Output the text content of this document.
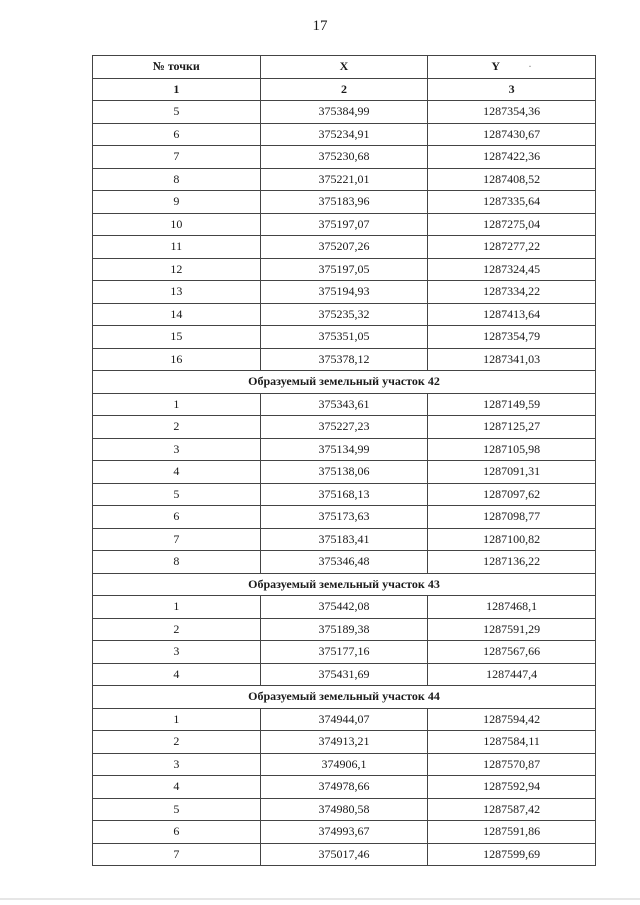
17
№ точки	X	Y ·
1	2	3
5	375384,99	1287354,36
6	375234,91	1287430,67
7	375230,68	1287422,36
8	375221,01	1287408,52
9	375183,96	1287335,64
10	375197,07	1287275,04
11	375207,26	1287277,22
12	375197,05	1287324,45
13	375194,93	1287334,22
14	375235,32	1287413,64
15	375351,05	1287354,79
16	375378,12	1287341,03
Образуемый земельный участок 42		
1	375343,61	1287149,59
2	375227,23	1287125,27
3	375134,99	1287105,98
4	375138,06	1287091,31
5	375168,13	1287097,62
6	375173,63	1287098,77
7	375183,41	1287100,82
8	375346,48	1287136,22
Образуемый земельный участок 43		
1	375442,08	1287468,1
2	375189,38	1287591,29
3	375177,16	1287567,66
4	375431,69	1287447,4
Образуемый земельный участок 44		
1	374944,07	1287594,42
2	374913,21	1287584,11
3	374906,1	1287570,87
4	374978,66	1287592,94
5	374980,58	1287587,42
6	374993,67	1287591,86
7	375017,46	1287599,69
